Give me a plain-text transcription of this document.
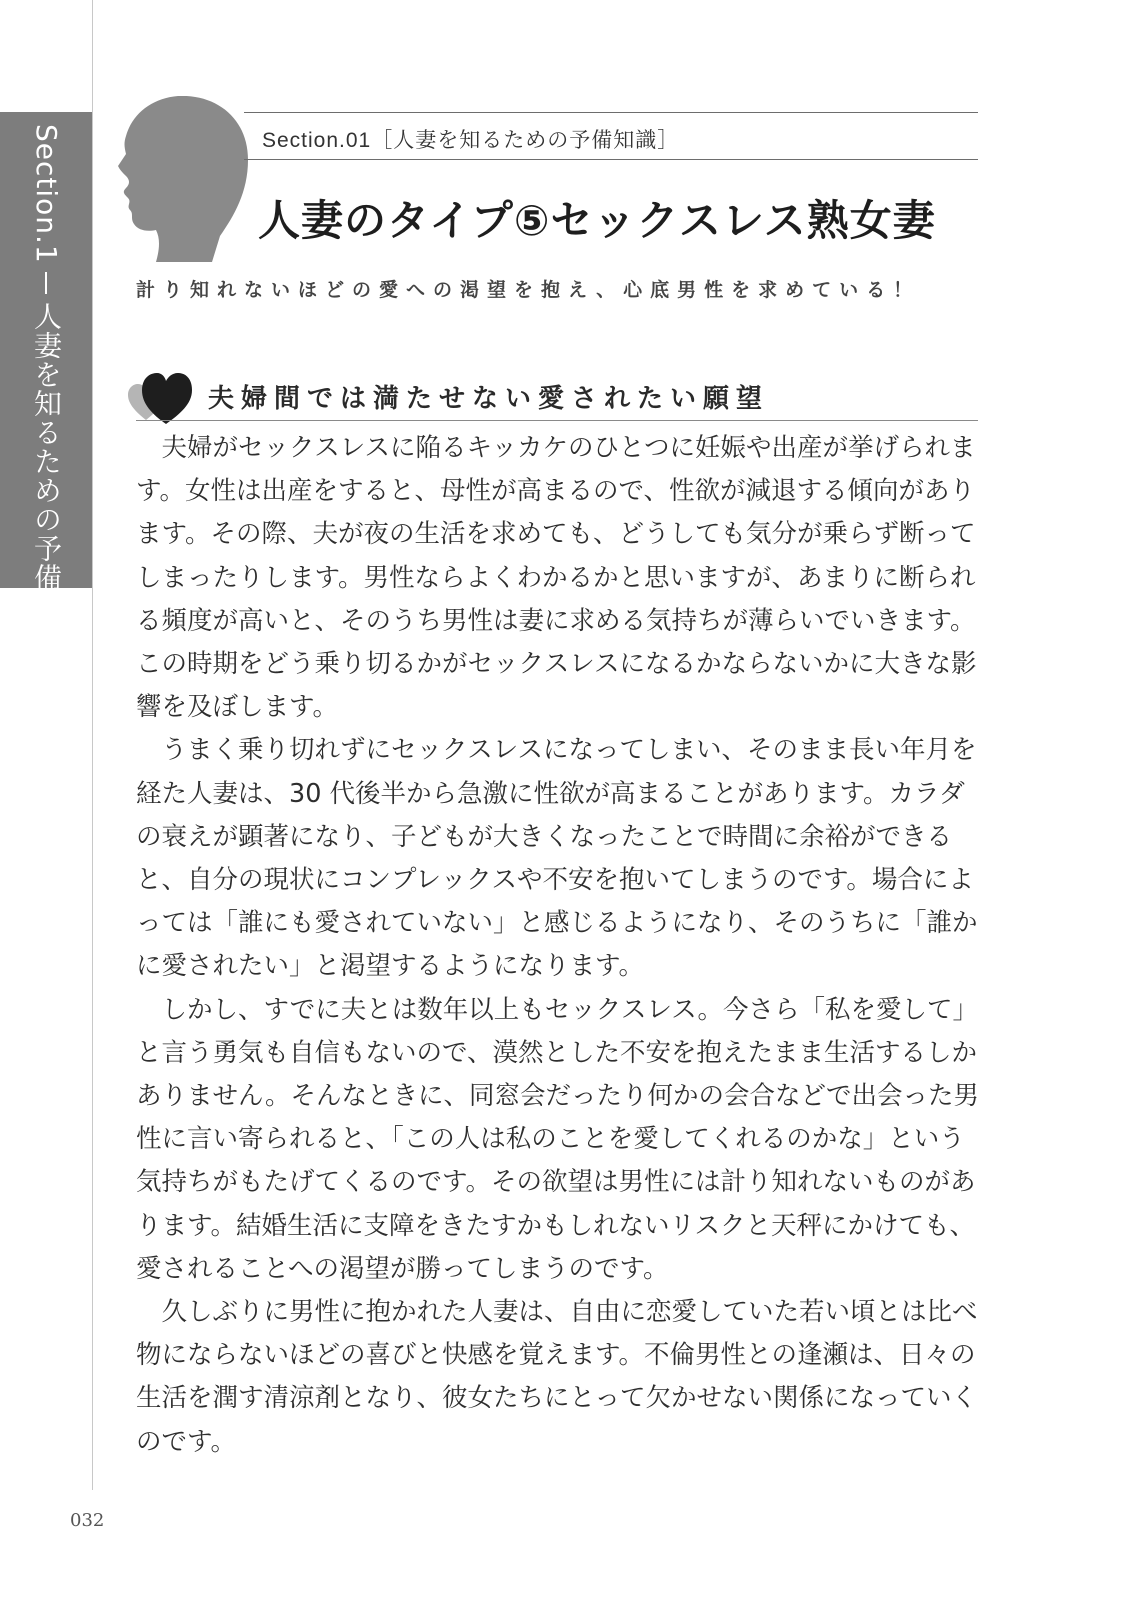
Section.1人妻を知るための予備知識
Section.01［人妻を知るための予備知識］
人妻のタイプ⑤セックスレス熟女妻
計り知れないほどの愛への渇望を抱え、心底男性を求めている！
夫婦間では満たせない愛されたい願望

夫婦がセックスレスに陥るキッカケのひとつに妊娠や出産が挙げられます。女性は出産をすると、母性が高まるので、性欲が減退する傾向があります。その際、夫が夜の生活を求めても、どうしても気分が乗らず断ってしまったりします。男性ならよくわかるかと思いますが、あまりに断られる頻度が高いと、そのうち男性は妻に求める気持ちが薄らいでいきます。この時期をどう乗り切るかがセックスレスになるかならないかに大きな影響を及ぼします。

うまく乗り切れずにセックスレスになってしまい、そのまま長い年月を経た人妻は、30 代後半から急激に性欲が高まることがあります。カラダの衰えが顕著になり、子どもが大きくなったことで時間に余裕ができると、自分の現状にコンプレックスや不安を抱いてしまうのです。場合によっては「誰にも愛されていない」と感じるようになり、そのうちに「誰かに愛されたい」と渇望するようになります。

しかし、すでに夫とは数年以上もセックスレス。今さら「私を愛して」と言う勇気も自信もないので、漠然とした不安を抱えたまま生活するしかありません。そんなときに、同窓会だったり何かの会合などで出会った男性に言い寄られると、「この人は私のことを愛してくれるのかな」という気持ちがもたげてくるのです。その欲望は男性には計り知れないものがあります。結婚生活に支障をきたすかもしれないリスクと天秤にかけても、愛されることへの渇望が勝ってしまうのです。

久しぶりに男性に抱かれた人妻は、自由に恋愛していた若い頃とは比べ物にならないほどの喜びと快感を覚えます。不倫男性との逢瀬は、日々の生活を潤す清涼剤となり、彼女たちにとって欠かせない関係になっていくのです。

032
